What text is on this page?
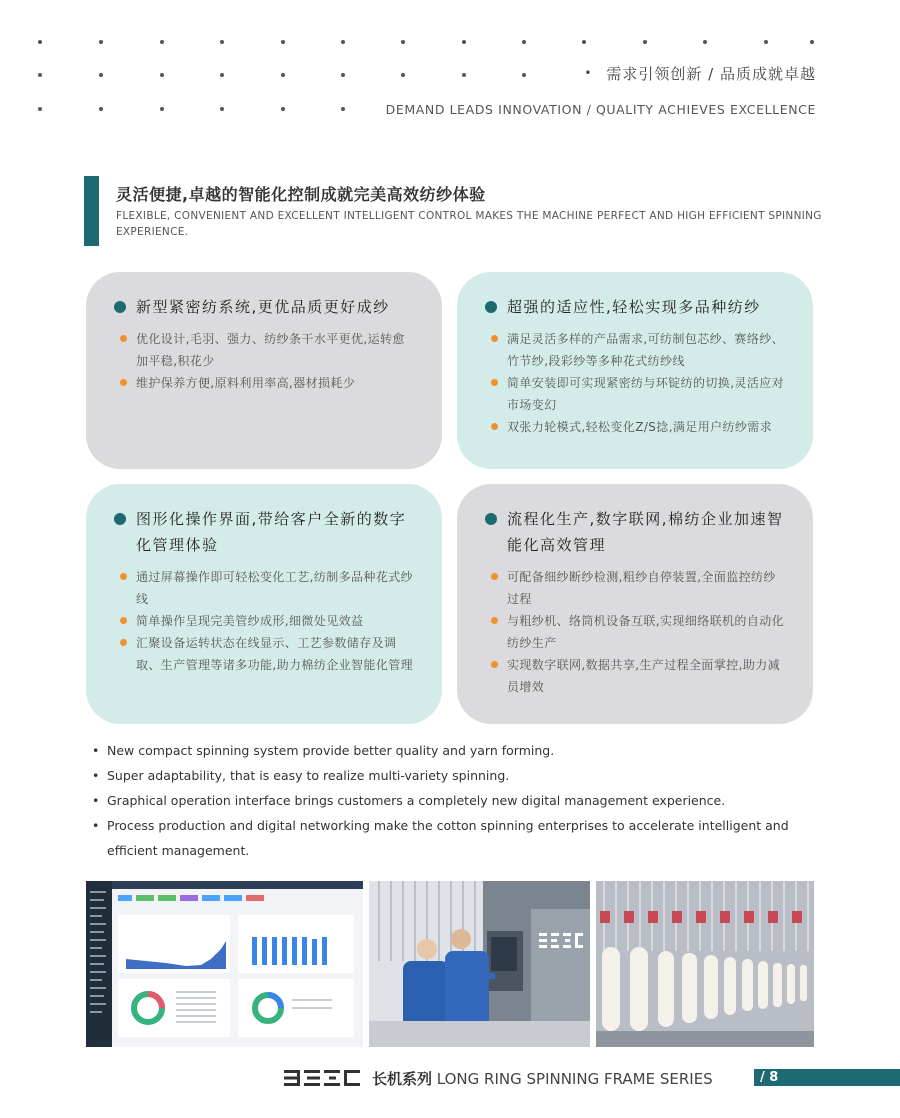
• 需求引领创新 / 品质成就卓越
DEMAND LEADS INNOVATION / QUALITY ACHIEVES EXCELLENCE
灵活便捷,卓越的智能化控制成就完美高效纺纱体验
FLEXIBLE, CONVENIENT AND EXCELLENT INTELLIGENT CONTROL MAKES THE MACHINE PERFECT AND HIGH EFFICIENT SPINNING EXPERIENCE.
新型紧密纺系统,更优品质更好成纱
优化设计,毛羽、强力、纺纱条干水平更优,运转愈加平稳,积花少
维护保养方便,原料利用率高,器材损耗少
超强的适应性,轻松实现多品种纺纱
满足灵活多样的产品需求,可纺制包芯纱、赛络纱、竹节纱,段彩纱等多种花式纺纱线
简单安装即可实现紧密纺与环锭纺的切换,灵活应对市场变幻
双张力轮模式,轻松变化Z/S捻,满足用户纺纱需求
图形化操作界面,带给客户全新的数字化管理体验
通过屏幕操作即可轻松变化工艺,纺制多品种花式纱线
简单操作呈现完美管纱成形,细微处见效益
汇聚设备运转状态在线显示、工艺参数储存及调取、生产管理等诸多功能,助力棉纺企业智能化管理
流程化生产,数字联网,棉纺企业加速智能化高效管理
可配备细纱断纱检测,粗纱自停装置,全面监控纺纱过程
与粗纱机、络筒机设备互联,实现细络联机的自动化纺纱生产
实现数字联网,数据共享,生产过程全面掌控,助力减员增效
• New compact spinning system provide better quality and yarn forming.
• Super adaptability, that is easy to realize multi-variety spinning.
• Graphical operation interface brings customers a completely new digital management experience.
• Process production and digital networking make the cotton spinning enterprises to accelerate intelligent and efficient management.
长机系列 LONG RING SPINNING FRAME SERIES	/ 8
